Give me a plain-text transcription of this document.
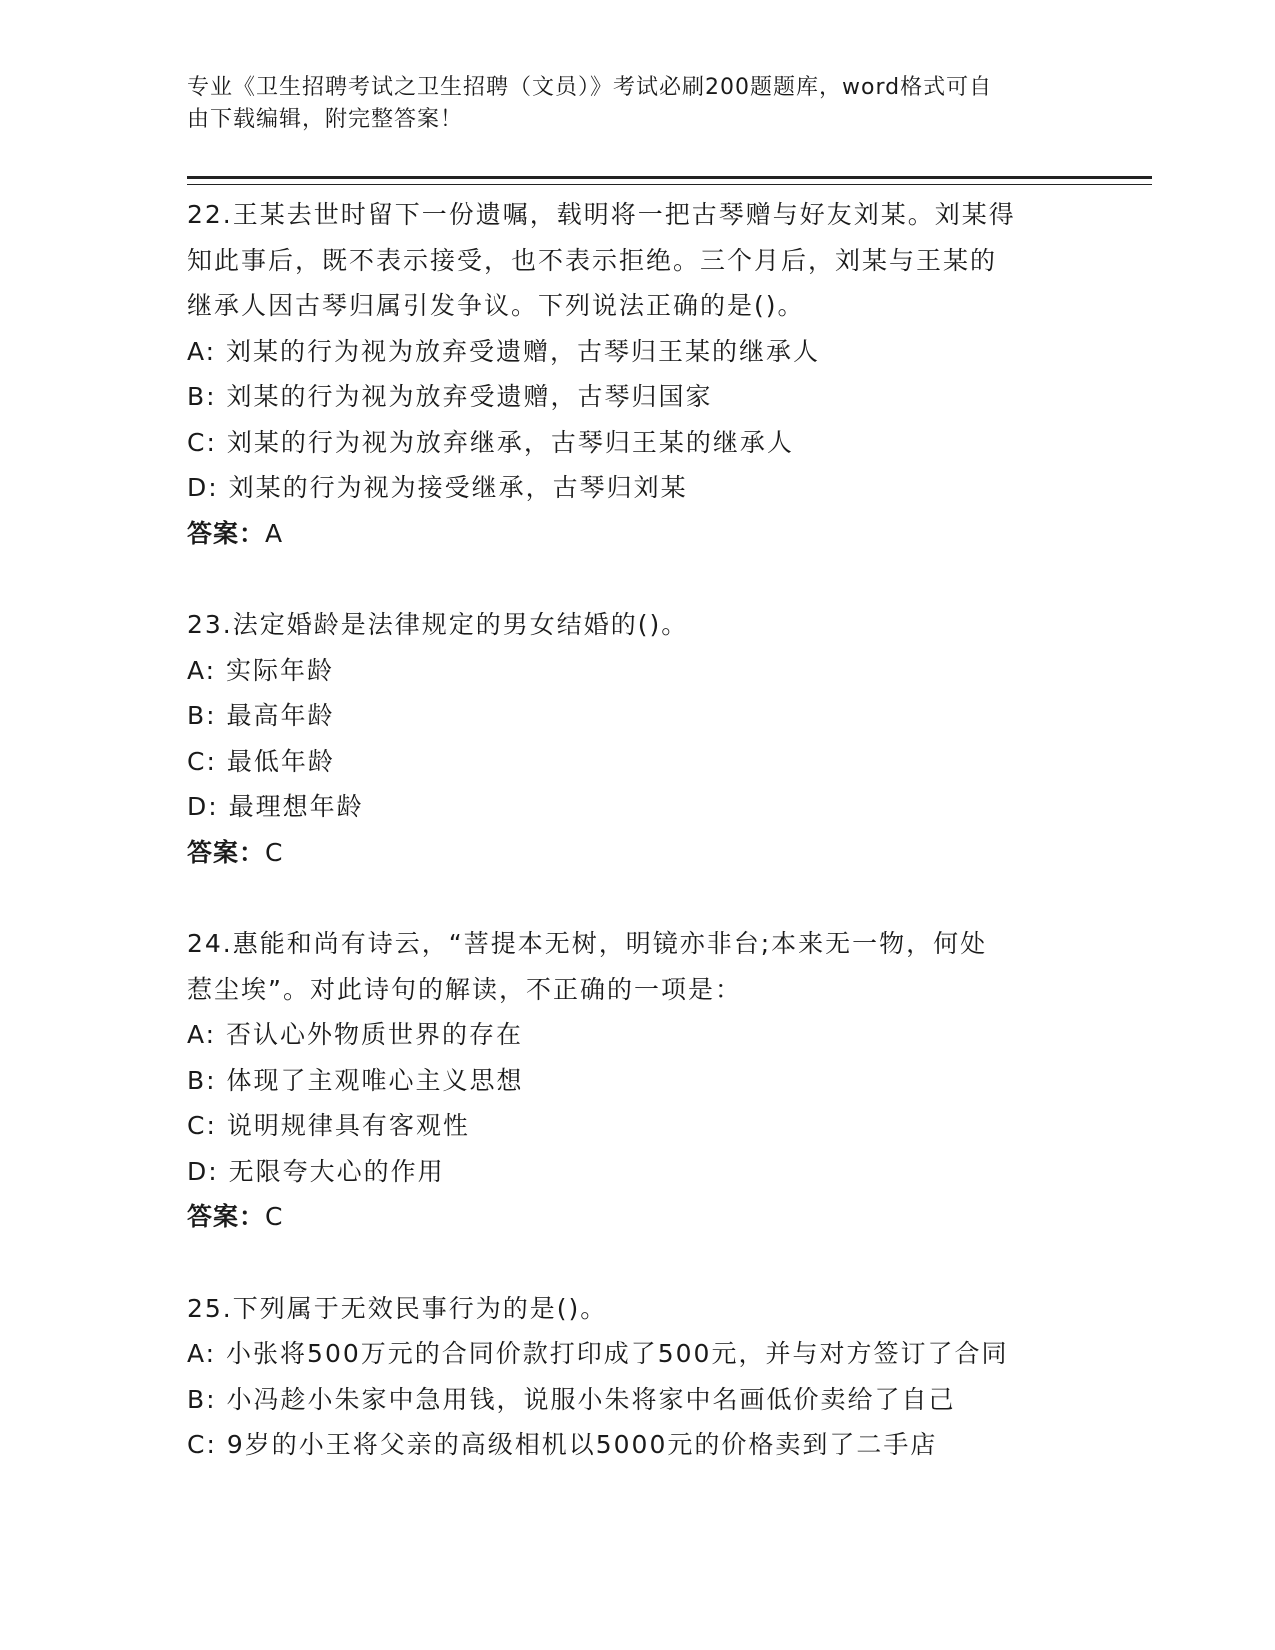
专业《卫生招聘考试之卫生招聘（文员）》考试必刷200题题库，word格式可自
由下载编辑，附完整答案！
22.王某去世时留下一份遗嘱，载明将一把古琴赠与好友刘某。刘某得
知此事后，既不表示接受，也不表示拒绝。三个月后，刘某与王某的
继承人因古琴归属引发争议。下列说法正确的是()。
A: 刘某的行为视为放弃受遗赠，古琴归王某的继承人
B: 刘某的行为视为放弃受遗赠，古琴归国家
C: 刘某的行为视为放弃继承，古琴归王某的继承人
D: 刘某的行为视为接受继承，古琴归刘某
答案：A
23.法定婚龄是法律规定的男女结婚的()。
A: 实际年龄
B: 最高年龄
C: 最低年龄
D: 最理想年龄
答案：C
24.惠能和尚有诗云，“菩提本无树，明镜亦非台;本来无一物，何处
惹尘埃”。对此诗句的解读，不正确的一项是：
A: 否认心外物质世界的存在
B: 体现了主观唯心主义思想
C: 说明规律具有客观性
D: 无限夸大心的作用
答案：C
25.下列属于无效民事行为的是()。
A: 小张将500万元的合同价款打印成了500元，并与对方签订了合同
B: 小冯趁小朱家中急用钱，说服小朱将家中名画低价卖给了自己
C: 9岁的小王将父亲的高级相机以5000元的价格卖到了二手店
